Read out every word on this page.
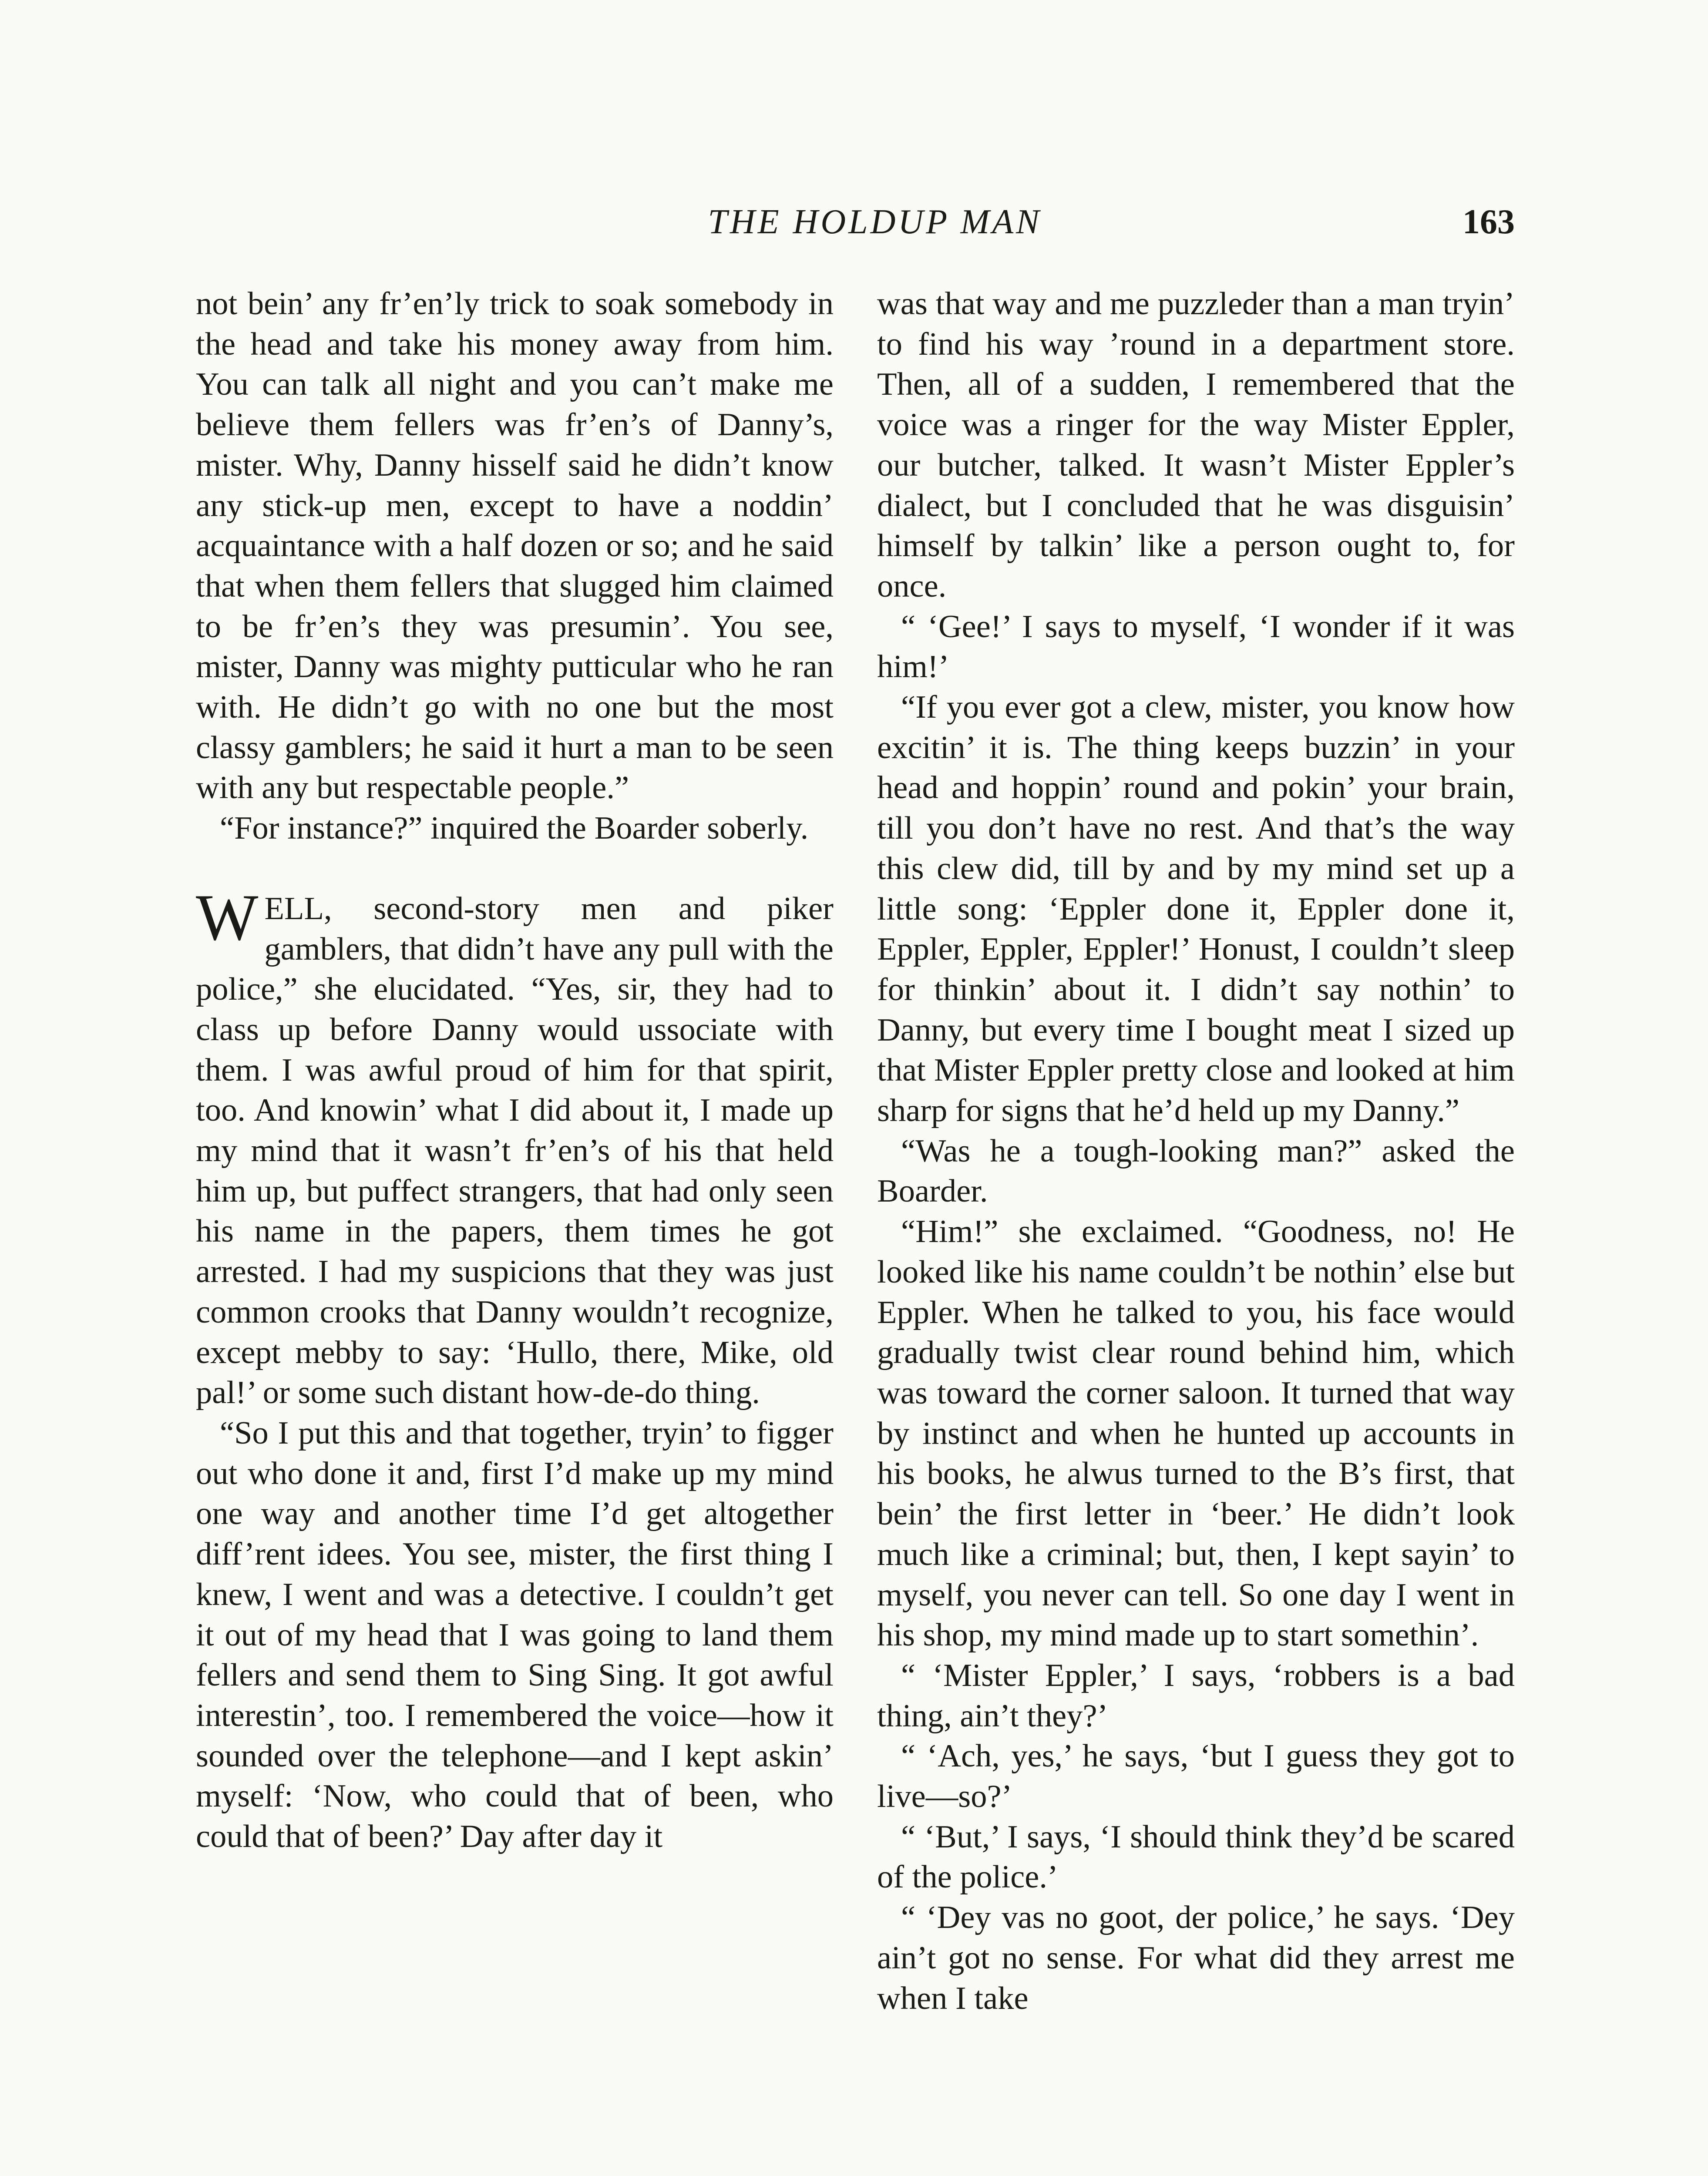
THE HOLDUP MAN	163

not bein’ any fr’en’ly trick to soak somebody in the head and take his money away from him. You can talk all night and you can’t make me believe them fellers was fr’en’s of Danny’s, mister. Why, Danny hisself said he didn’t know any stick-up men, except to have a noddin’ acquaintance with a half dozen or so; and he said that when them fellers that slugged him claimed to be fr’en’s they was presumin’. You see, mister, Danny was mighty putticular who he ran with. He didn’t go with no one but the most classy gamblers; he said it hurt a man to be seen with any but respectable people.”

“For instance?” inquired the Boarder soberly.

WELL, second-story men and piker gamblers, that didn’t have any pull with the police,” she elucidated. “Yes, sir, they had to class up before Danny would ussociate with them. I was awful proud of him for that spirit, too. And knowin’ what I did about it, I made up my mind that it wasn’t fr’en’s of his that held him up, but puffect strangers, that had only seen his name in the papers, them times he got arrested. I had my suspicions that they was just common crooks that Danny wouldn’t recognize, except mebby to say: ‘Hullo, there, Mike, old pal!’ or some such distant how-de-do thing.

“So I put this and that together, tryin’ to figger out who done it and, first I’d make up my mind one way and another time I’d get altogether diff’rent idees. You see, mister, the first thing I knew, I went and was a detective. I couldn’t get it out of my head that I was going to land them fellers and send them to Sing Sing. It got awful interestin’, too. I remembered the voice—how it sounded over the telephone—and I kept askin’ myself: ‘Now, who could that of been, who could that of been?’ Day after day it

was that way and me puzzleder than a man tryin’ to find his way ’round in a department store. Then, all of a sudden, I remembered that the voice was a ringer for the way Mister Eppler, our butcher, talked. It wasn’t Mister Eppler’s dialect, but I concluded that he was disguisin’ himself by talkin’ like a person ought to, for once.

“ ‘Gee!’ I says to myself, ‘I wonder if it was him!’

“If you ever got a clew, mister, you know how excitin’ it is. The thing keeps buzzin’ in your head and hoppin’ round and pokin’ your brain, till you don’t have no rest. And that’s the way this clew did, till by and by my mind set up a little song: ‘Eppler done it, Eppler done it, Eppler, Eppler, Eppler!’ Honust, I couldn’t sleep for thinkin’ about it. I didn’t say nothin’ to Danny, but every time I bought meat I sized up that Mister Eppler pretty close and looked at him sharp for signs that he’d held up my Danny.”

“Was he a tough-looking man?” asked the Boarder.

“Him!” she exclaimed. “Goodness, no! He looked like his name couldn’t be nothin’ else but Eppler. When he talked to you, his face would gradually twist clear round behind him, which was toward the corner saloon. It turned that way by instinct and when he hunted up accounts in his books, he alwus turned to the B’s first, that bein’ the first letter in ‘beer.’ He didn’t look much like a criminal; but, then, I kept sayin’ to myself, you never can tell. So one day I went in his shop, my mind made up to start somethin’.

“ ‘Mister Eppler,’ I says, ‘robbers is a bad thing, ain’t they?’

“ ‘Ach, yes,’ he says, ‘but I guess they got to live—so?’

“ ‘But,’ I says, ‘I should think they’d be scared of the police.’

“ ‘Dey vas no goot, der police,’ he says. ‘Dey ain’t got no sense. For what did they arrest me when I take
